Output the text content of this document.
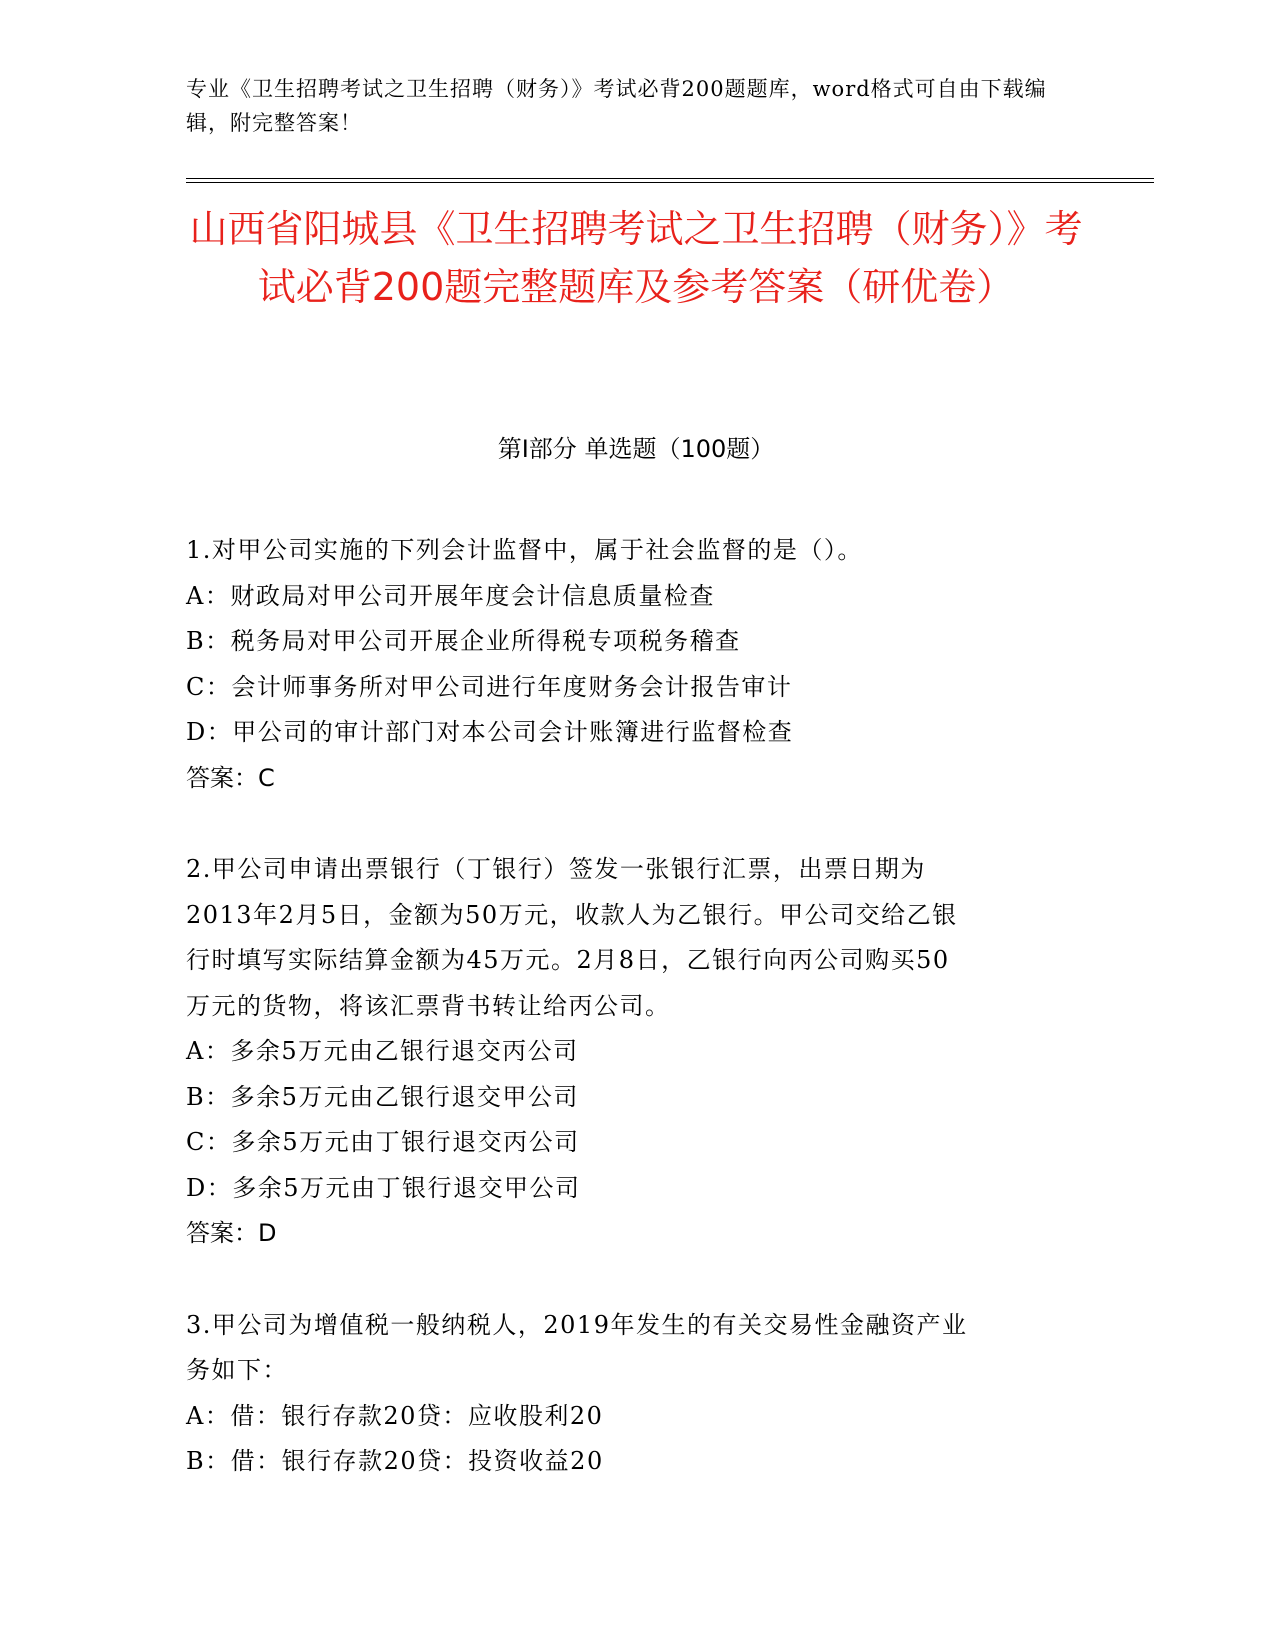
专业《卫生招聘考试之卫生招聘（财务）》考试必背200题题库，word格式可自由下载编辑，附完整答案！
山西省阳城县《卫生招聘考试之卫生招聘（财务）》考试必背200题完整题库及参考答案（研优卷）
第I部分 单选题（100题）

1.对甲公司实施的下列会计监督中，属于社会监督的是（）。

A：财政局对甲公司开展年度会计信息质量检查

B：税务局对甲公司开展企业所得税专项税务稽查

C：会计师事务所对甲公司进行年度财务会计报告审计

D：甲公司的审计部门对本公司会计账簿进行监督检查

答案：C

2.甲公司申请出票银行（丁银行）签发一张银行汇票，出票日期为

2013年2月5日，金额为50万元，收款人为乙银行。甲公司交给乙银

行时填写实际结算金额为45万元。2月8日，乙银行向丙公司购买50

万元的货物，将该汇票背书转让给丙公司。

A：多余5万元由乙银行退交丙公司

B：多余5万元由乙银行退交甲公司

C：多余5万元由丁银行退交丙公司

D：多余5万元由丁银行退交甲公司

答案：D

3.甲公司为增值税一般纳税人，2019年发生的有关交易性金融资产业

务如下：

A：借：银行存款20贷：应收股利20

B：借：银行存款20贷：投资收益20
